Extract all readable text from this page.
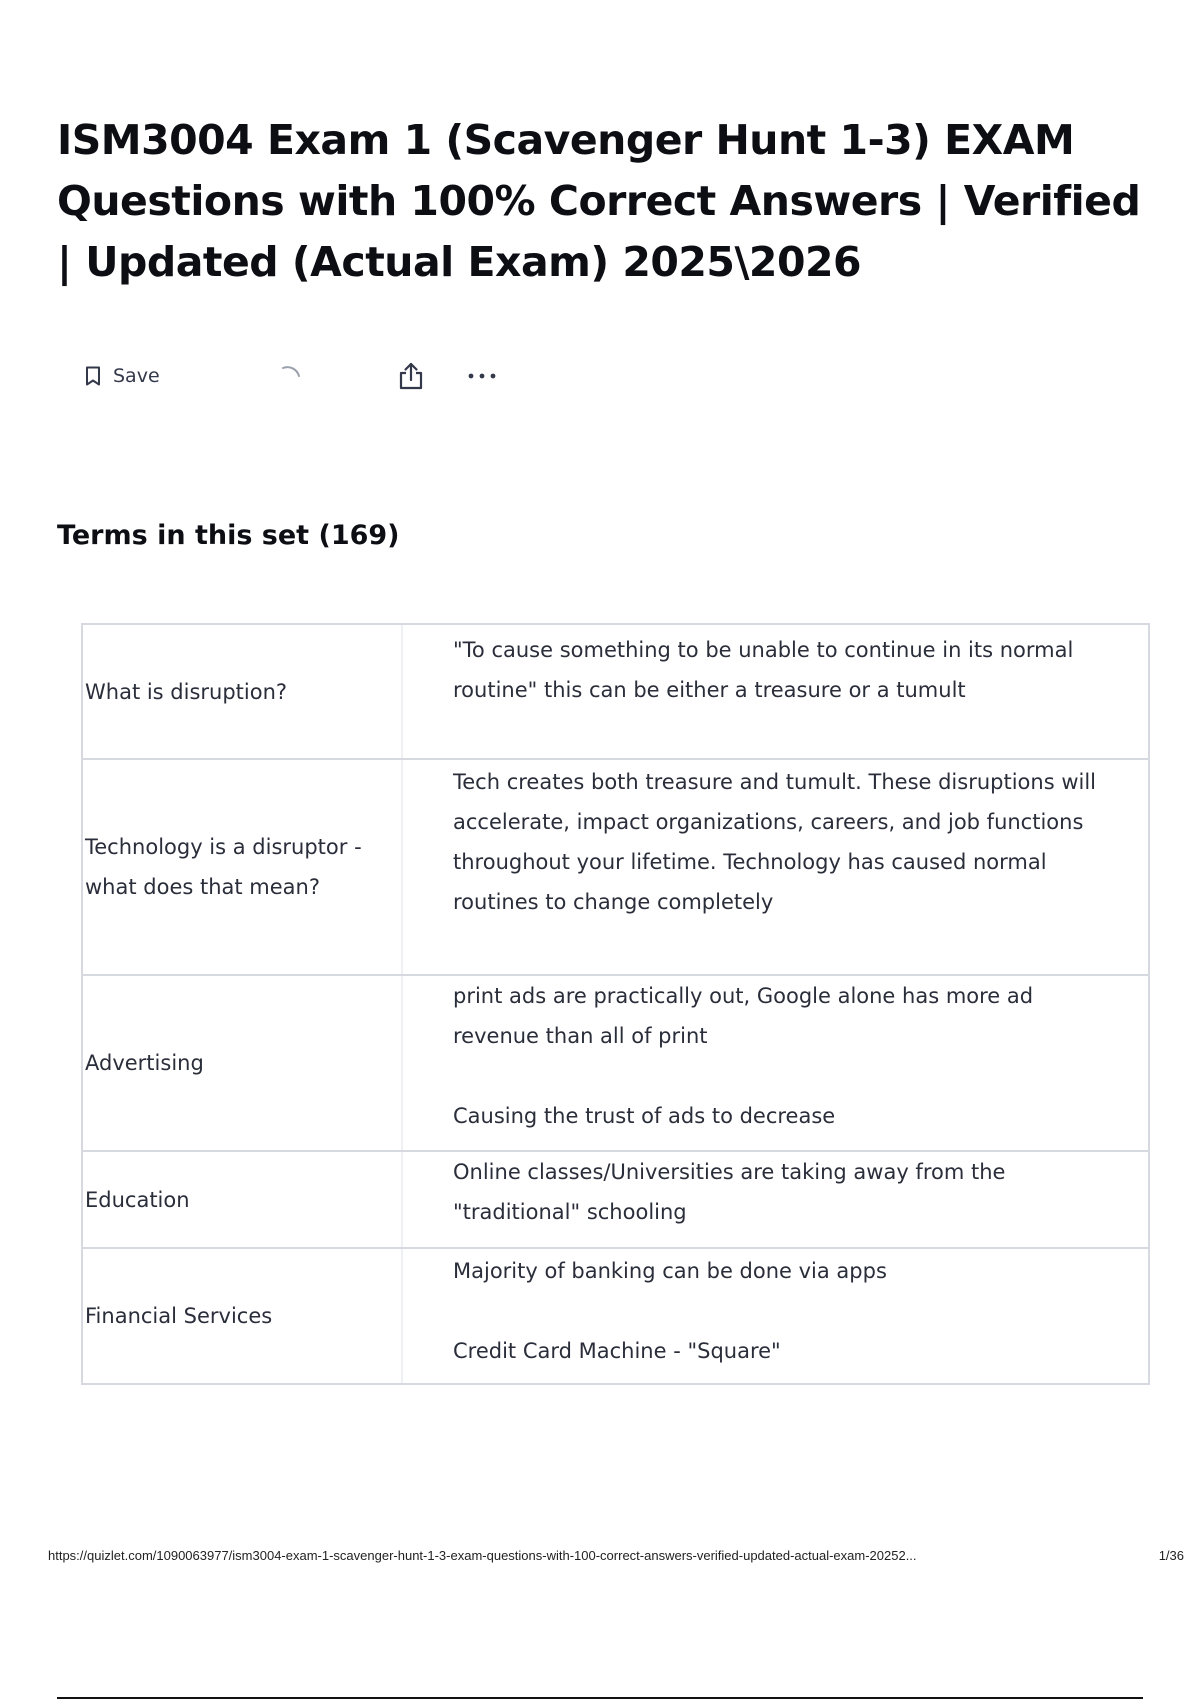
ISM3004 Exam 1 (Scavenger Hunt 1-3) EXAM Questions with 100% Correct Answers | Verified | Updated (Actual Exam) 2025\2026
Save
Terms in this set (169)
What is disruption?
"To cause something to be unable to continue in its normal routine" this can be either a treasure or a tumult
Technology is a disruptor - what does that mean?
Tech creates both treasure and tumult. These disruptions will accelerate, impact organizations, careers, and job functions throughout your lifetime. Technology has caused normal routines to change completely
Advertising
print ads are practically out, Google alone has more ad revenue than all of print

Causing the trust of ads to decrease
Education
Online classes/Universities are taking away from the "traditional" schooling
Financial Services
Majority of banking can be done via apps

Credit Card Machine - "Square"
https://quizlet.com/1090063977/ism3004-exam-1-scavenger-hunt-1-3-exam-questions-with-100-correct-answers-verified-updated-actual-exam-20252...	1/36
